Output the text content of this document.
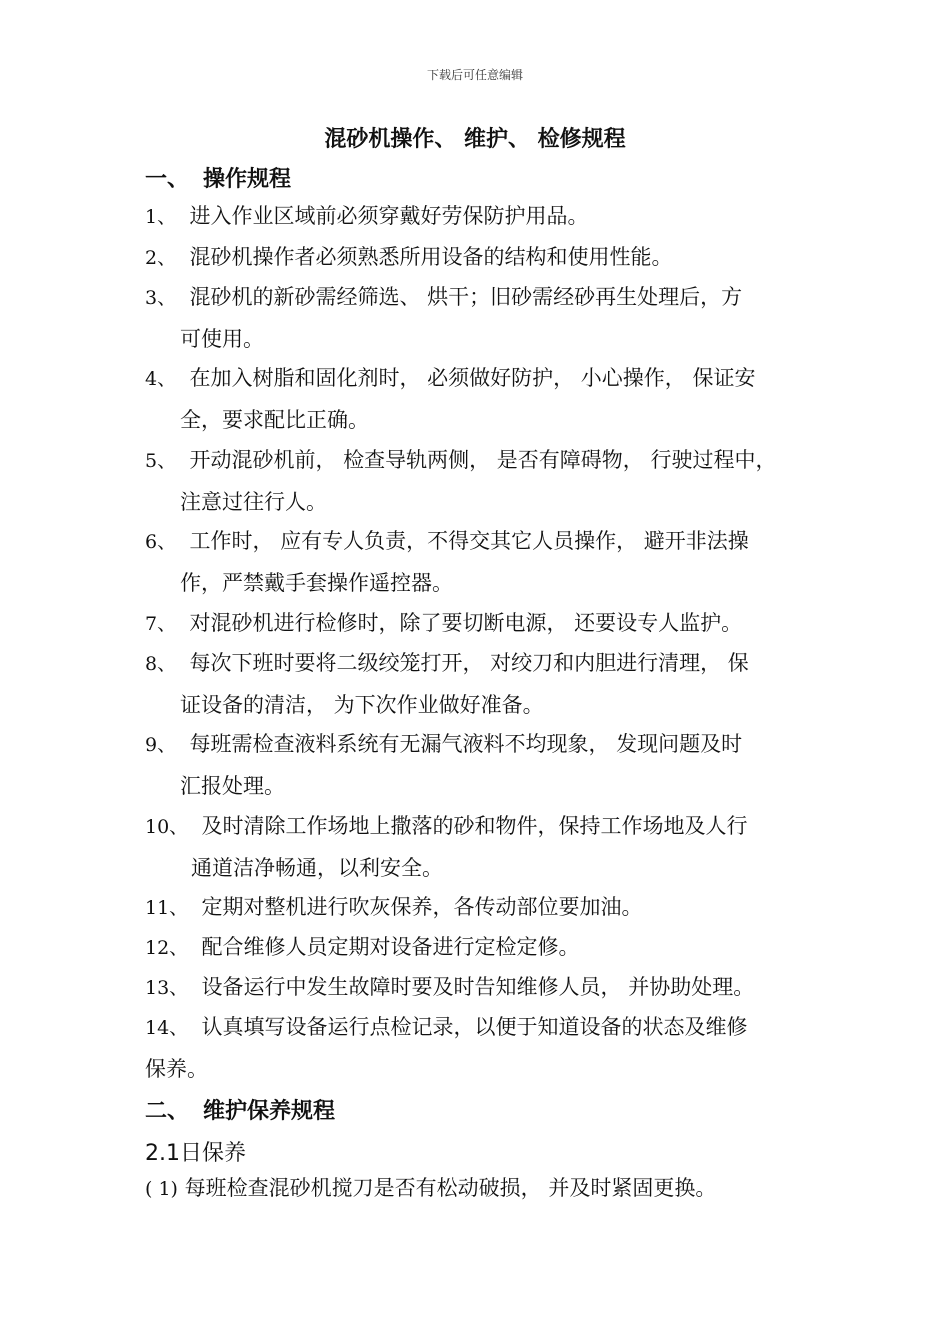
下载后可任意编辑
混砂机操作、 维护、 检修规程
一、 操作规程
1、 进入作业区域前必须穿戴好劳保防护用品。
2、 混砂机操作者必须熟悉所用设备的结构和使用性能。
3、 混砂机的新砂需经筛选、 烘干；旧砂需经砂再生处理后，方
可使用。
4、 在加入树脂和固化剂时， 必须做好防护， 小心操作， 保证安
全，要求配比正确。
5、 开动混砂机前， 检查导轨两侧， 是否有障碍物， 行驶过程中，
注意过往行人。
6、 工作时， 应有专人负责，不得交其它人员操作， 避开非法操
作，严禁戴手套操作遥控器。
7、 对混砂机进行检修时，除了要切断电源， 还要设专人监护。
8、 每次下班时要将二级绞笼打开， 对绞刀和内胆进行清理， 保
证设备的清洁， 为下次作业做好准备。
9、 每班需检查液料系统有无漏气液料不均现象， 发现问题及时
汇报处理。
10、 及时清除工作场地上撒落的砂和物件，保持工作场地及人行
通道洁净畅通，以利安全。
11、 定期对整机进行吹灰保养，各传动部位要加油。
12、 配合维修人员定期对设备进行定检定修。
13、 设备运行中发生故障时要及时告知维修人员， 并协助处理。
14、 认真填写设备运行点检记录，以便于知道设备的状态及维修
保养。
二、 维护保养规程
2.1日保养
( 1) 每班检查混砂机搅刀是否有松动破损， 并及时紧固更换。
